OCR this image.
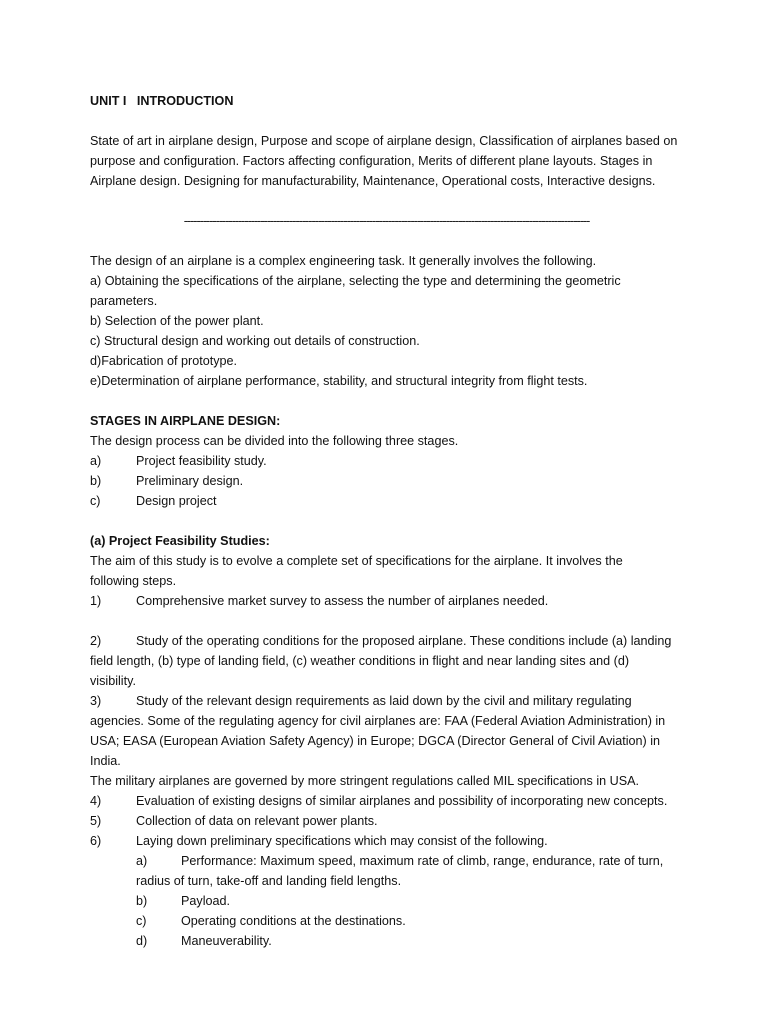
UNIT I   INTRODUCTION
State of art in airplane design, Purpose and scope of airplane design, Classification of airplanes based on
purpose and configuration. Factors affecting configuration, Merits of different plane layouts. Stages in
Airplane design. Designing for manufacturability, Maintenance, Operational costs, Interactive designs.
-------------------------------------------------------------------------------------------------------------------------------
The design of an airplane is a complex engineering task. It generally involves the following.
a) Obtaining the specifications of the airplane, selecting the type and determining the geometric
parameters.
b) Selection of the power plant.
c) Structural design and working out details of construction.
d)Fabrication of prototype.
e)Determination of airplane performance, stability, and structural integrity from flight tests.
STAGES IN AIRPLANE DESIGN:
The design process can be divided into the following three stages.
a)	Project feasibility study.
b)	Preliminary design.
c)	Design project
(a) Project Feasibility Studies:
The aim of this study is to evolve a complete set of specifications for the airplane. It involves the
following steps.
1)	Comprehensive market survey to assess the number of airplanes needed.
2)	Study of the operating conditions for the proposed airplane. These conditions include (a) landing
field length, (b) type of landing field, (c) weather conditions in flight and near landing sites and (d)
visibility.
3)	Study of the relevant design requirements as laid down by the civil and military regulating
agencies. Some of the regulating agency for civil airplanes are: FAA (Federal Aviation Administration) in
USA; EASA (European Aviation Safety Agency) in Europe; DGCA (Director General of Civil Aviation) in
India.
The military airplanes are governed by more stringent regulations called MIL specifications in USA.
4)	Evaluation of existing designs of similar airplanes and possibility of incorporating new concepts.
5)	Collection of data on relevant power plants.
6)	Laying down preliminary specifications which may consist of the following.
a)	Performance: Maximum speed, maximum rate of climb, range, endurance, rate of turn,
radius of turn, take-off and landing field lengths.
b)	Payload.
c)	Operating conditions at the destinations.
d)	Maneuverability.
